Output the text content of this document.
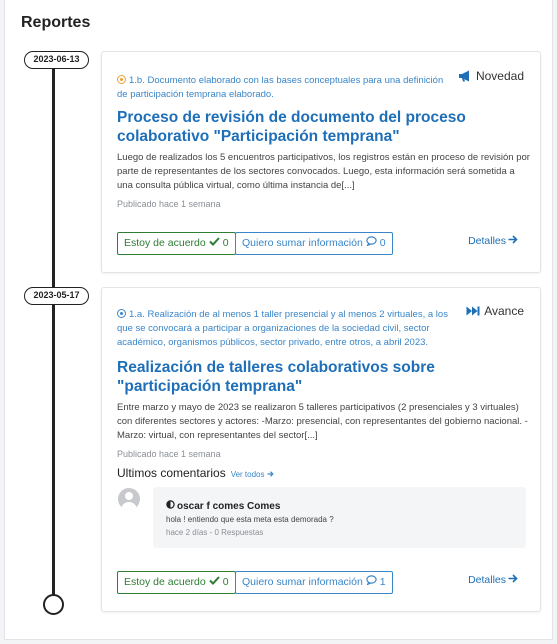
Reportes
2023-06-13
Novedad
1.b. Documento elaborado con las bases conceptuales para una definición de participación temprana elaborado.
Proceso de revisión de documento del proceso colaborativo "Participación temprana"
Luego de realizados los 5 encuentros participativos, los registros están en proceso de revisión por parte de representantes de los sectores convocados. Luego, esta información será sometida a una consulta pública virtual, como última instancia de[...]
Publicado hace 1 semana
Estoy de acuerdo 0 Quiero sumar información 0	Detalles
2023-05-17
Avance
1.a. Realización de al menos 1 taller presencial y al menos 2 virtuales, a los que se convocará a participar a organizaciones de la sociedad civil, sector académico, organismos públicos, sector privado, entre otros, a abril 2023.
Realización de talleres colaborativos sobre "participación temprana"
Entre marzo y mayo de 2023 se realizaron 5 talleres participativos (2 presenciales y 3 virtuales) con diferentes sectores y actores: -Marzo: presencial, con representantes del gobierno nacional. -Marzo: virtual, con representantes del sector[...]
Publicado hace 1 semana
Ultimos comentarios Ver todos
oscar f comes Comes
hola ! entiendo que esta meta esta demorada ?
hace 2 días - 0 Respuestas
Estoy de acuerdo 0 Quiero sumar información 1	Detalles
